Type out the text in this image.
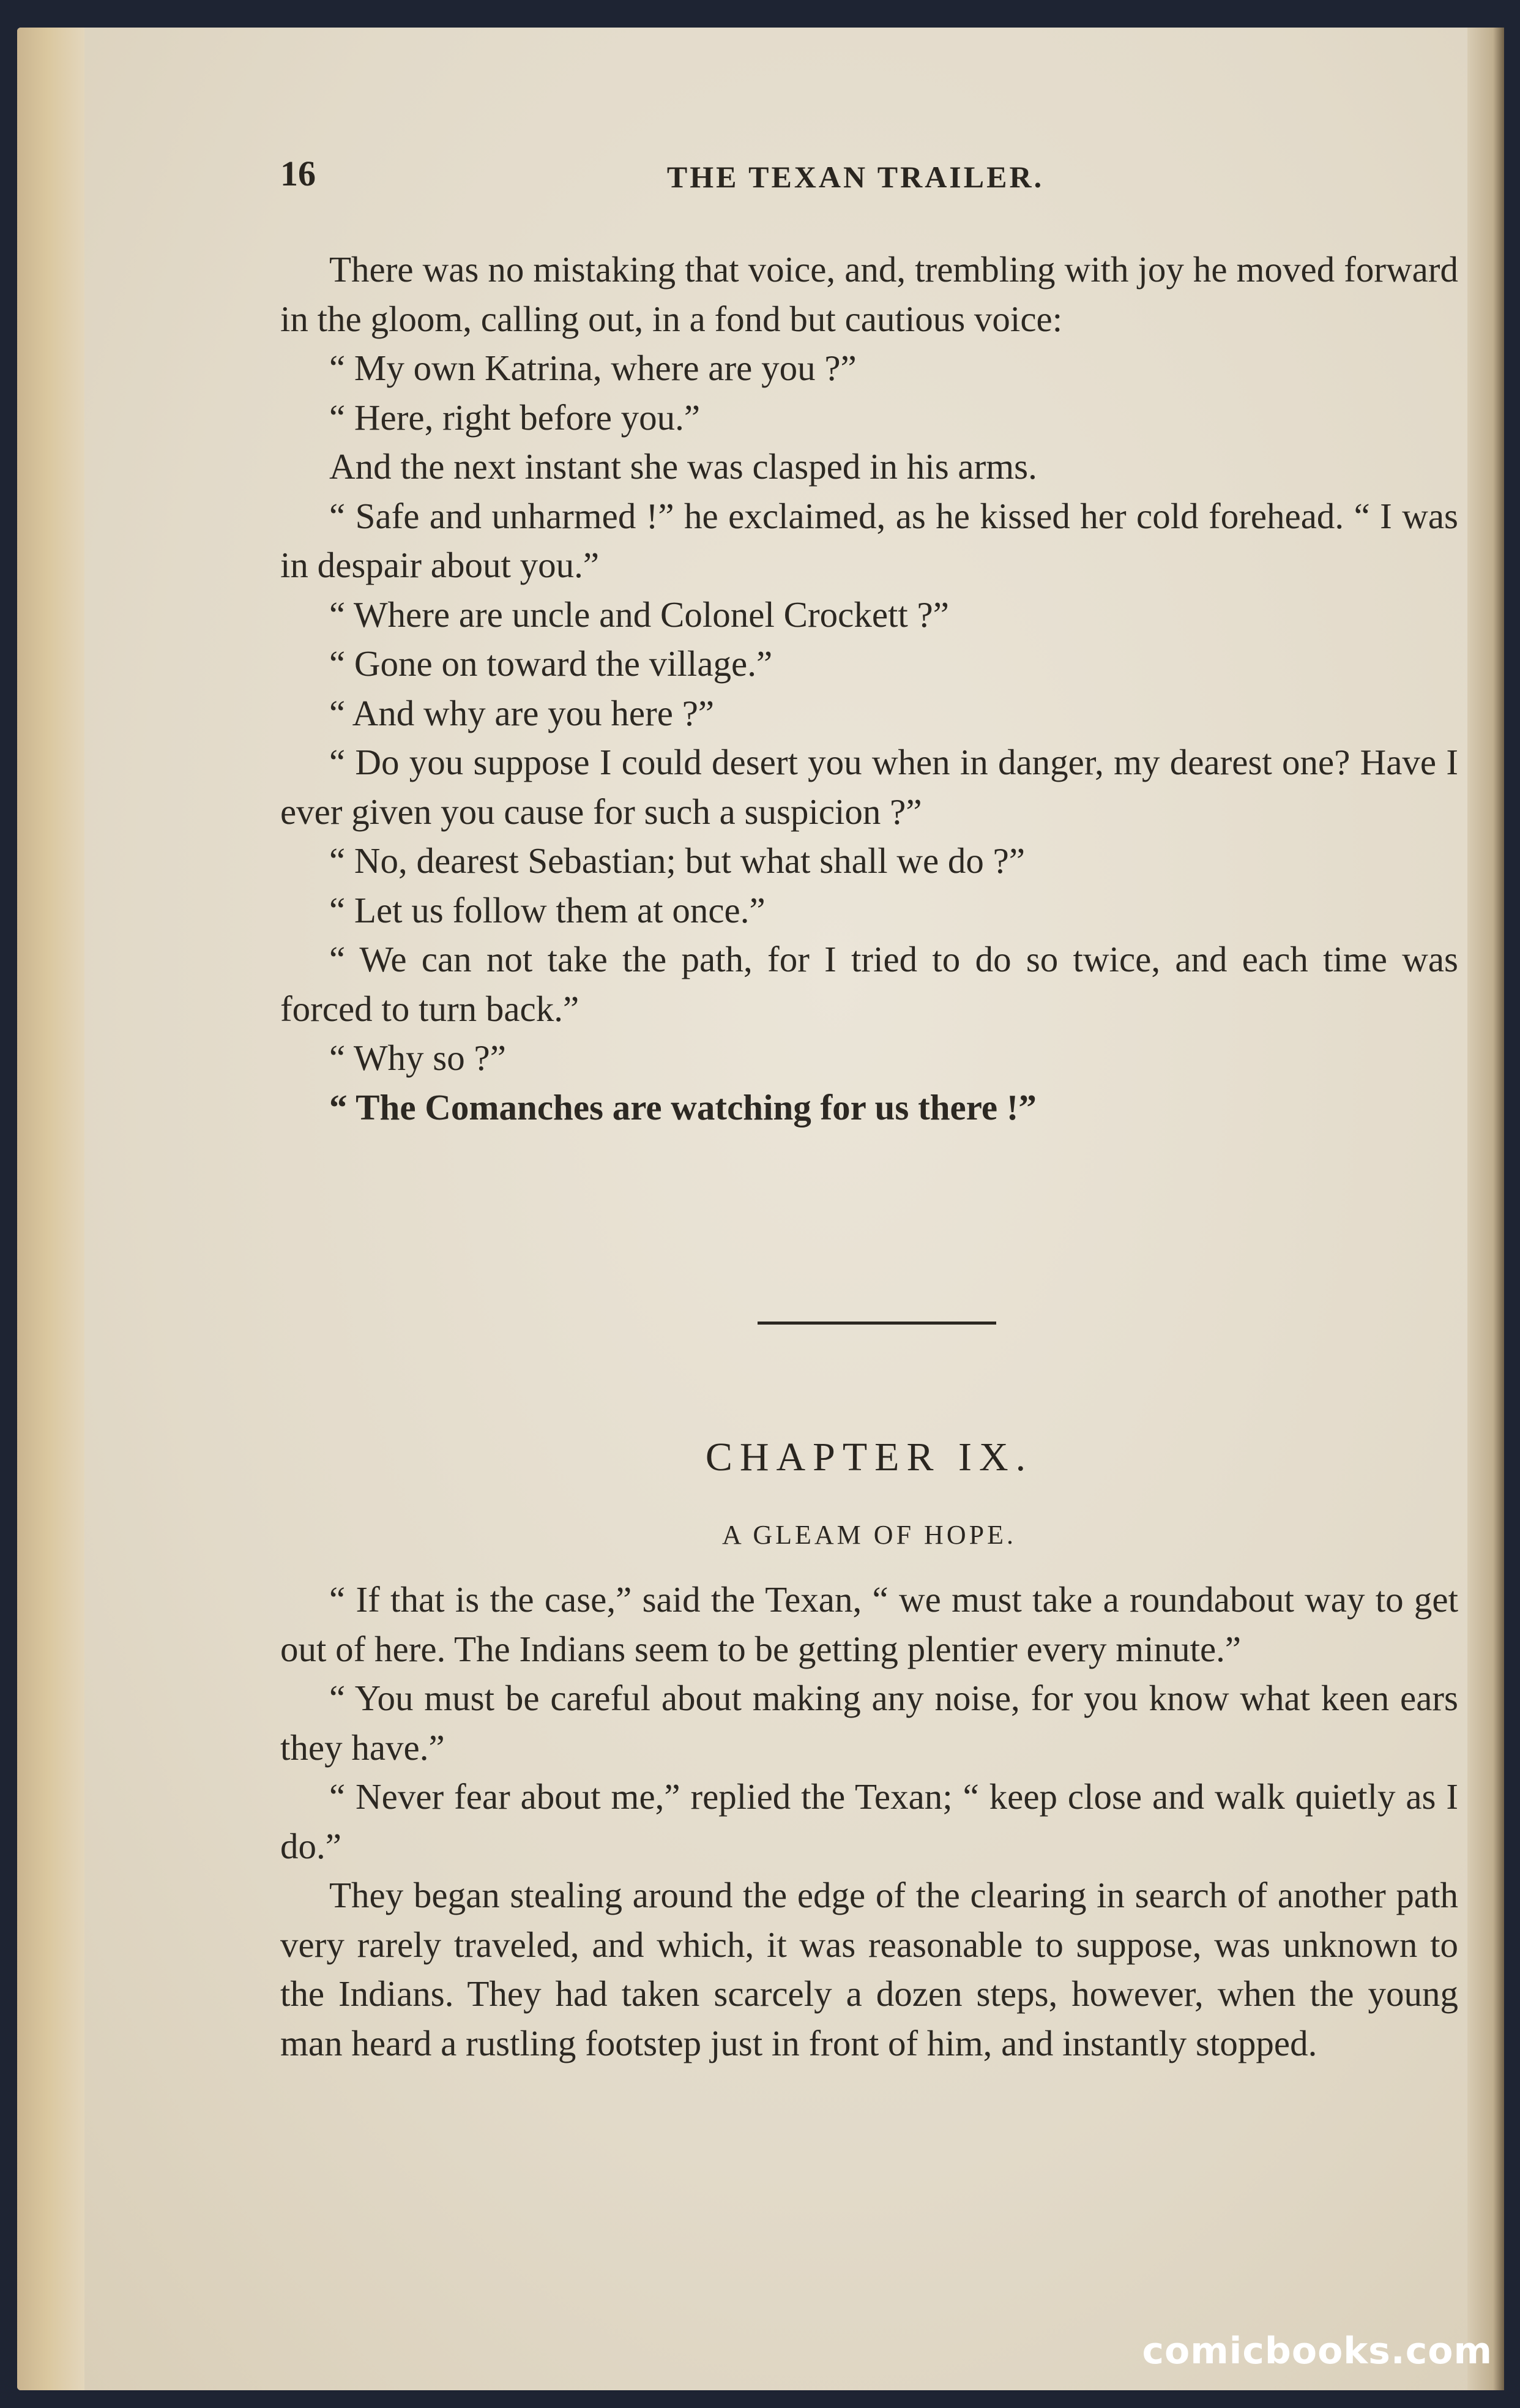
16	THE TEXAN TRAILER.

There was no mistaking that voice, and, trembling with joy he moved forward in the gloom, calling out, in a fond but cautious voice:

“ My own Katrina, where are you ?”

“ Here, right before you.”

And the next instant she was clasped in his arms.

“ Safe and unharmed !” he exclaimed, as he kissed her cold forehead. “ I was in despair about you.”

“ Where are uncle and Colonel Crockett ?”

“ Gone on toward the village.”

“ And why are you here ?”

“ Do you suppose I could desert you when in danger, my dearest one? Have I ever given you cause for such a suspicion ?”

“ No, dearest Sebastian; but what shall we do ?”

“ Let us follow them at once.”

“ We can not take the path, for I tried to do so twice, and each time was forced to turn back.”

“ Why so ?”

“ The Comanches are watching for us there !”

CHAPTER IX.
A GLEAM OF HOPE.

“ If that is the case,” said the Texan, “ we must take a roundabout way to get out of here. The Indians seem to be getting plentier every minute.”

“ You must be careful about making any noise, for you know what keen ears they have.”

“ Never fear about me,” replied the Texan; “ keep close and walk quietly as I do.”

They began stealing around the edge of the clearing in search of another path very rarely traveled, and which, it was reasonable to suppose, was unknown to the Indians. They had taken scarcely a dozen steps, however, when the young man heard a rustling footstep just in front of him, and instantly stopped.

comicbooks.com
